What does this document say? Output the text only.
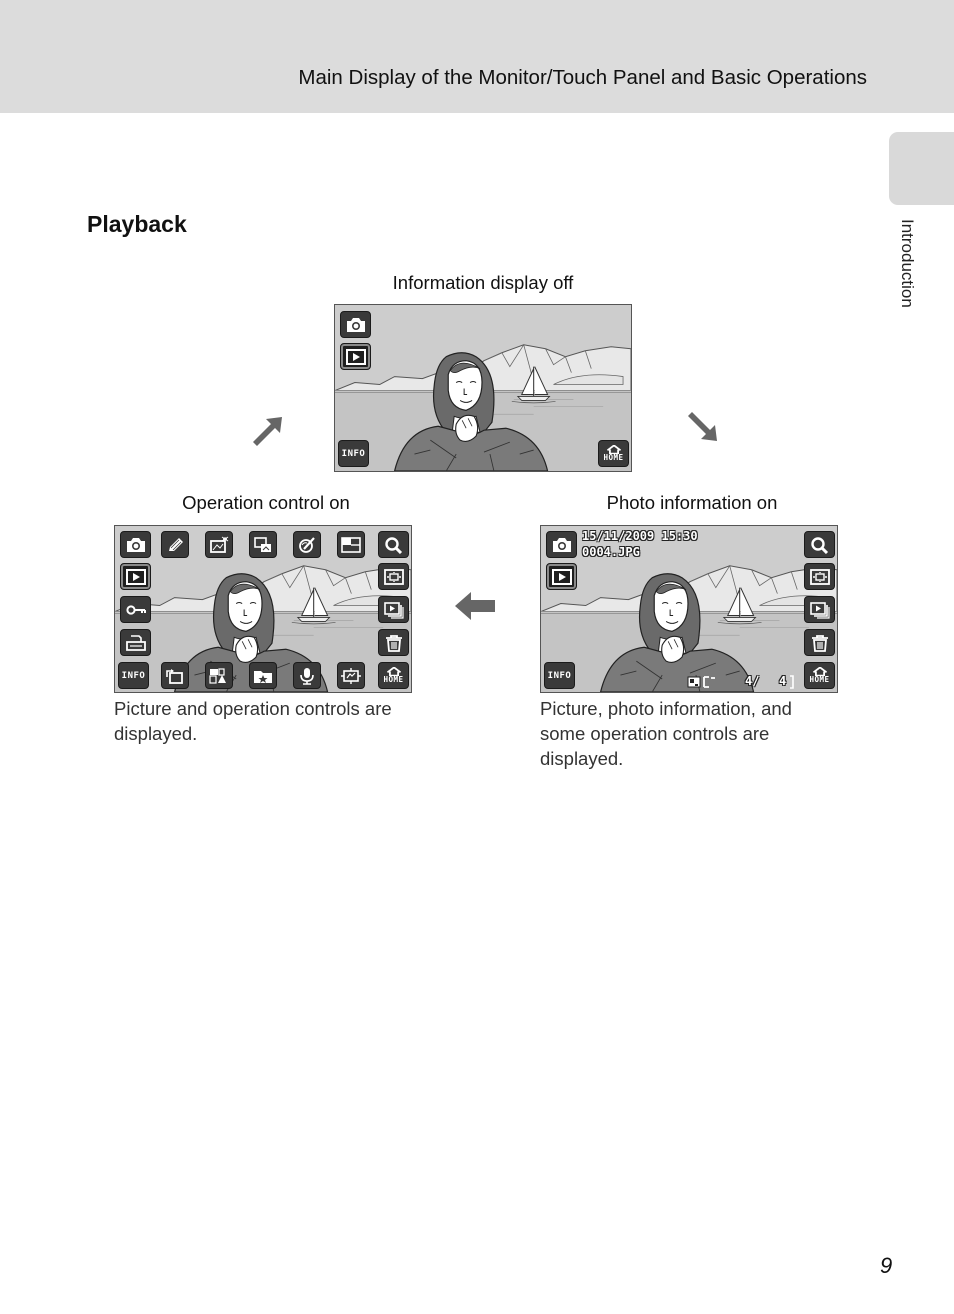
Main Display of the Monitor/Touch Panel and Basic Operations
Introduction
Playback
Information display off
INFO	HOME
Operation control on
INFO	HOME
Picture and operation controls are displayed.
Photo information on
15/11/2009 15:30
0004.JPG
INFO	4/ 4	HOME
Picture, photo information, and some operation controls are displayed.
9
